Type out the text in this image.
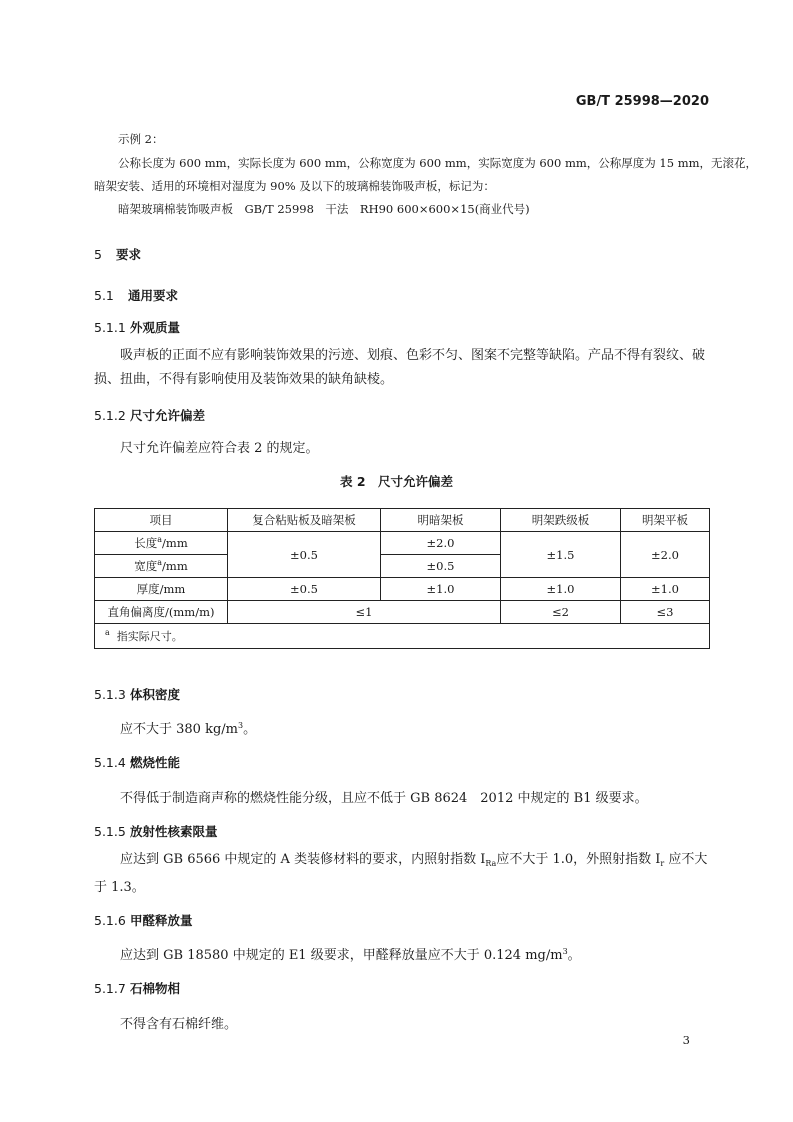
GB/T 25998—2020
示例 2：
公称长度为 600 mm，实际长度为 600 mm，公称宽度为 600 mm，实际宽度为 600 mm，公称厚度为 15 mm，无滚花，
暗架安装、适用的环境相对湿度为 90% 及以下的玻璃棉装饰吸声板，标记为：
暗架玻璃棉装饰吸声板　GB/T 25998　干法　RH90 600×600×15(商业代号)
5 要求
5.1 通用要求
5.1.1 外观质量
吸声板的正面不应有影响装饰效果的污迹、划痕、色彩不匀、图案不完整等缺陷。产品不得有裂纹、破损、扭曲，不得有影响使用及装饰效果的缺角缺棱。
5.1.2 尺寸允许偏差
尺寸允许偏差应符合表 2 的规定。
表 2　尺寸允许偏差
项目	复合粘贴板及暗架板	明暗架板	明架跌级板	明架平板
长度$^a$/mm	±0.5	±2.0	±1.5	±2.0
宽度$^a$/mm		±0.5		
厚度/mm	±0.5	±1.0	±1.0	±1.0
直角偏离度/(mm/m)	≤1		≤2	≤3
$^a$ 指实际尺寸。				
5.1.3 体积密度
应不大于 380 $kg/m^3$。
5.1.4 燃烧性能
不得低于制造商声称的燃烧性能分级，且应不低于 GB 8624　2012 中规定的 B1 级要求。
5.1.5 放射性核素限量
应达到 GB 6566 中规定的 A 类装修材料的要求，内照射指数 $I_{Ra}$应不大于 1.0，外照射指数 $I_r$ 应不大于 1.3。
5.1.6 甲醛释放量
应达到 GB 18580 中规定的 E1 级要求，甲醛释放量应不大于 0.124 $mg/m^3$。
5.1.7 石棉物相
不得含有石棉纤维。
3
